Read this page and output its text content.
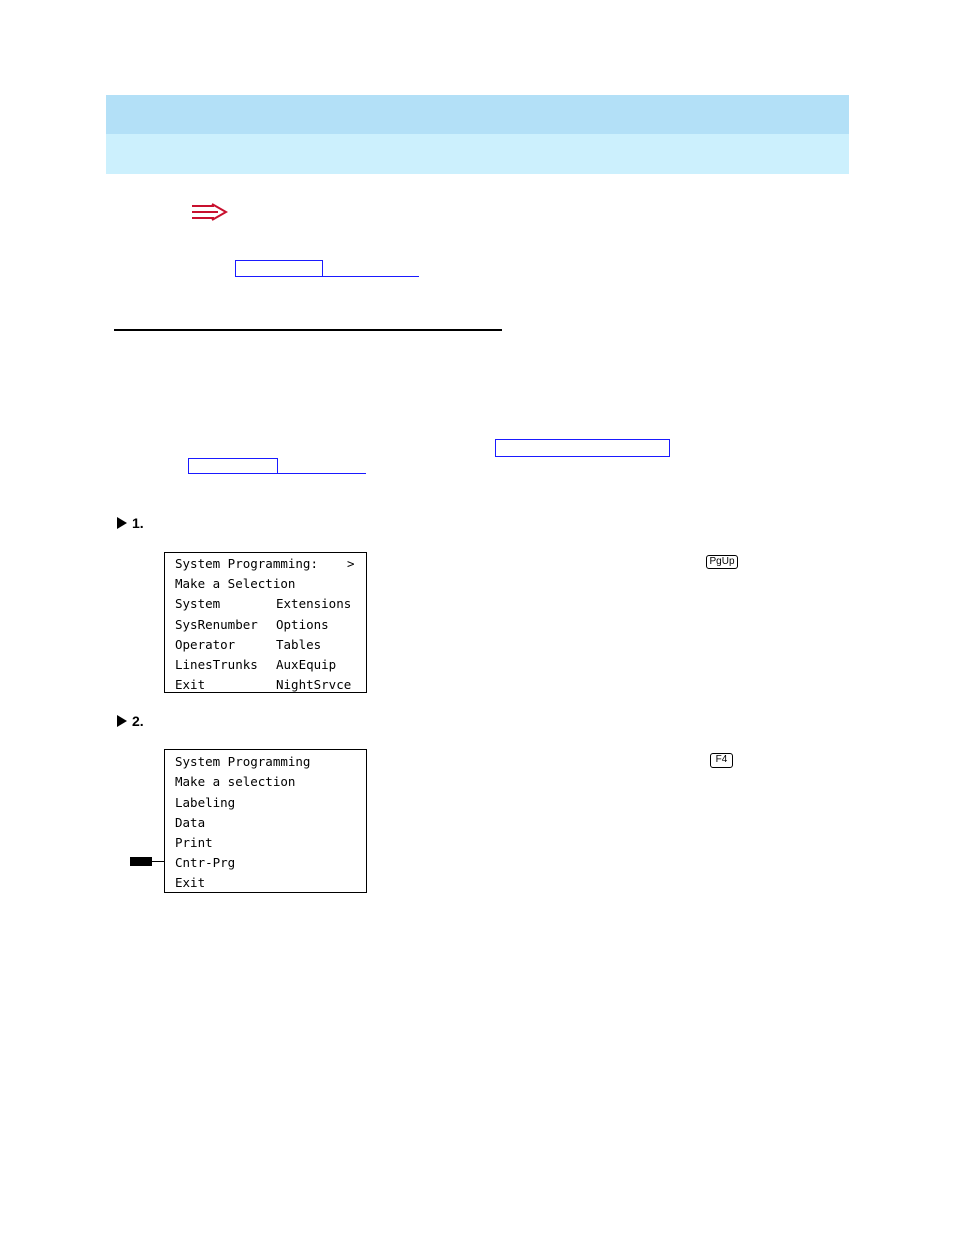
1.
System Programming: >
Make a Selection
System	Extensions
SysRenumber Options
Operator	Tables
LinesTrunks AuxEquip
Exit	NightSrvce
PgUp
2.
System Programming
Make a selection
Labeling
Data
Print
Cntr-Prg
Exit
F4
